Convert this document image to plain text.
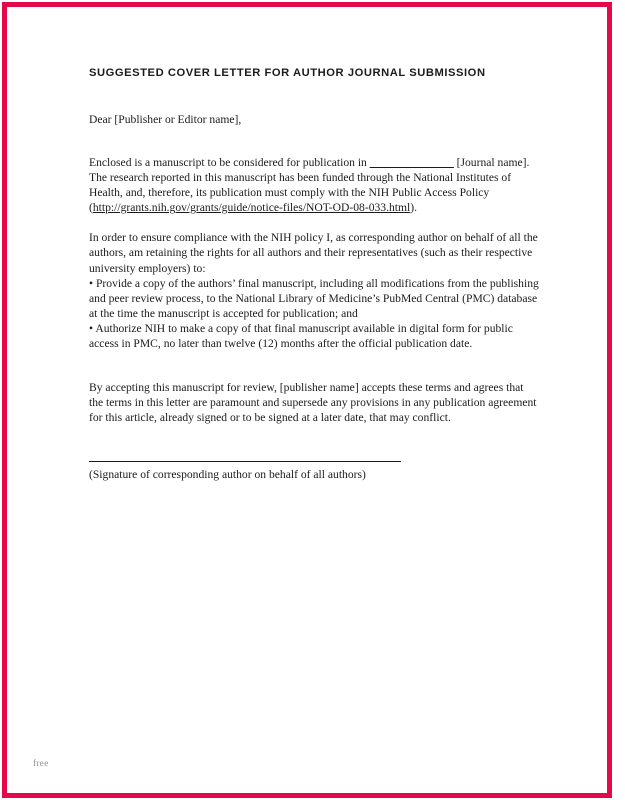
SUGGESTED COVER LETTER FOR AUTHOR JOURNAL SUBMISSION

Dear [Publisher or Editor name],

Enclosed is a manuscript to be considered for publication in _______________ [Journal name]. The research reported in this manuscript has been funded through the National Institutes of Health, and, therefore, its publication must comply with the NIH Public Access Policy (http://grants.nih.gov/grants/guide/notice-files/NOT-OD-08-033.html).

In order to ensure compliance with the NIH policy I, as corresponding author on behalf of all the authors, am retaining the rights for all authors and their representatives (such as their respective university employers) to:

• Provide a copy of the authors’ final manuscript, including all modifications from the publishing and peer review process, to the National Library of Medicine’s PubMed Central (PMC) database at the time the manuscript is accepted for publication; and
• Authorize NIH to make a copy of that final manuscript available in digital form for public access in PMC, no later than twelve (12) months after the official publication date.

By accepting this manuscript for review, [publisher name] accepts these terms and agrees that the terms in this letter are paramount and supersede any provisions in any publication agreement for this article, already signed or to be signed at a later date, that may conflict.

(Signature of corresponding author on behalf of all authors)
free
